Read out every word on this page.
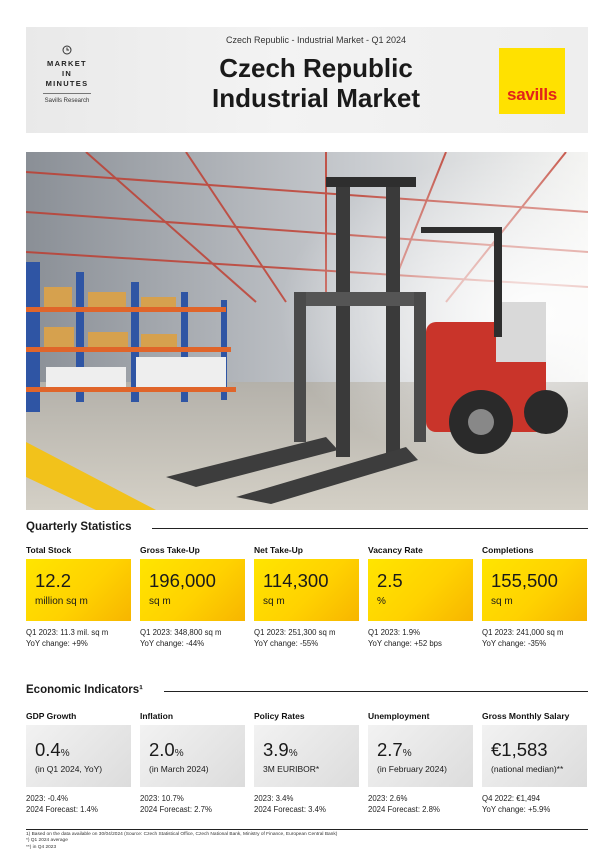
MARKET
IN
MINUTES
Savills Research
Czech Republic - Industrial Market - Q1 2024
Czech Republic
Industrial Market	savills
Quarterly Statistics
Total Stock
12.2
million sq m
Q1 2023: 11.3 mil. sq m
YoY change: +9%
Gross Take-Up
196,000
sq m
Q1 2023: 348,800 sq m
YoY change: -44%
Net Take-Up
114,300
sq m
Q1 2023: 251,300 sq m
YoY change: -55%
Vacancy Rate
2.5
%
Q1 2023: 1.9%
YoY change: +52 bps
Completions
155,500
sq m
Q1 2023: 241,000 sq m
YoY change: -35%
Economic Indicators¹
GDP Growth
0.4%
(in Q1 2024, YoY)
2023: -0.4%
2024 Forecast: 1.4%
Inflation
2.0%
(in March 2024)
2023: 10.7%
2024 Forecast: 2.7%
Policy Rates
3.9%
3M EURIBOR*
2023: 3.4%
2024 Forecast: 3.4%
Unemployment
2.7%
(in February 2024)
2023: 2.6%
2024 Forecast: 2.8%
Gross Monthly Salary
€1,583
(national median)**
Q4 2022: €1,494
YoY change: +5.9%
1) Based on the data available on 30/04/2024 (Source: Czech Statistical Office, Czech National Bank, Ministry of Finance, European Central Bank)
*) Q1 2024 average
**) in Q4 2023
